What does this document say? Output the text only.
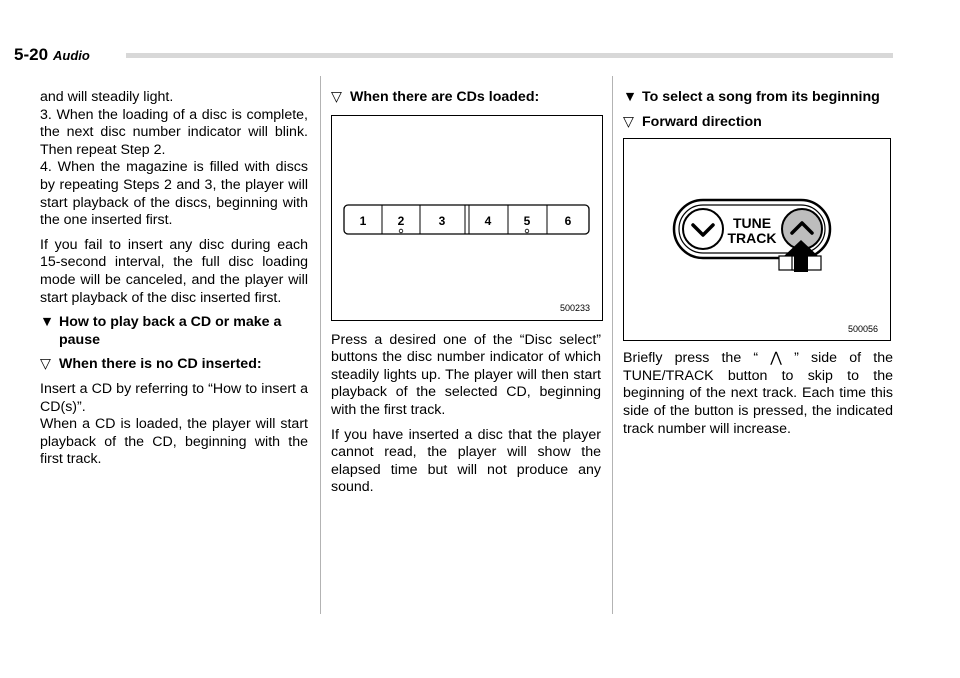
5-20 Audio

and will steadily light.
3. When the loading of a disc is complete, the next disc number indicator will blink. Then repeat Step 2.
4. When the magazine is filled with discs by repeating Steps 2 and 3, the player will start playback of the discs, beginning with the one inserted first.

If you fail to insert any disc during each 15-second interval, the full disc loading mode will be canceled, and the player will start playback of the disc inserted first.

▼ How to play back a CD or make a pause
▽ When there is no CD inserted:

Insert a CD by referring to “How to insert a CD(s)”.
When a CD is loaded, the player will start playback of the CD, beginning with the first track.

▽ When there are CDs loaded:
1	2	3	4	5	6
500233

Press a desired one of the “Disc select” buttons the disc number indicator of which steadily lights up. The player will then start playback of the selected CD, beginning with the first track.

If you have inserted a disc that the player cannot read, the player will show the elapsed time but will not produce any sound.

▼ To select a song from its beginning
▽ Forward direction
TUNE
TRACK
500056

Briefly press the “ ⋀ ” side of the TUNE/TRACK button to skip to the beginning of the next track. Each time this side of the button is pressed, the indicated track number will increase.
